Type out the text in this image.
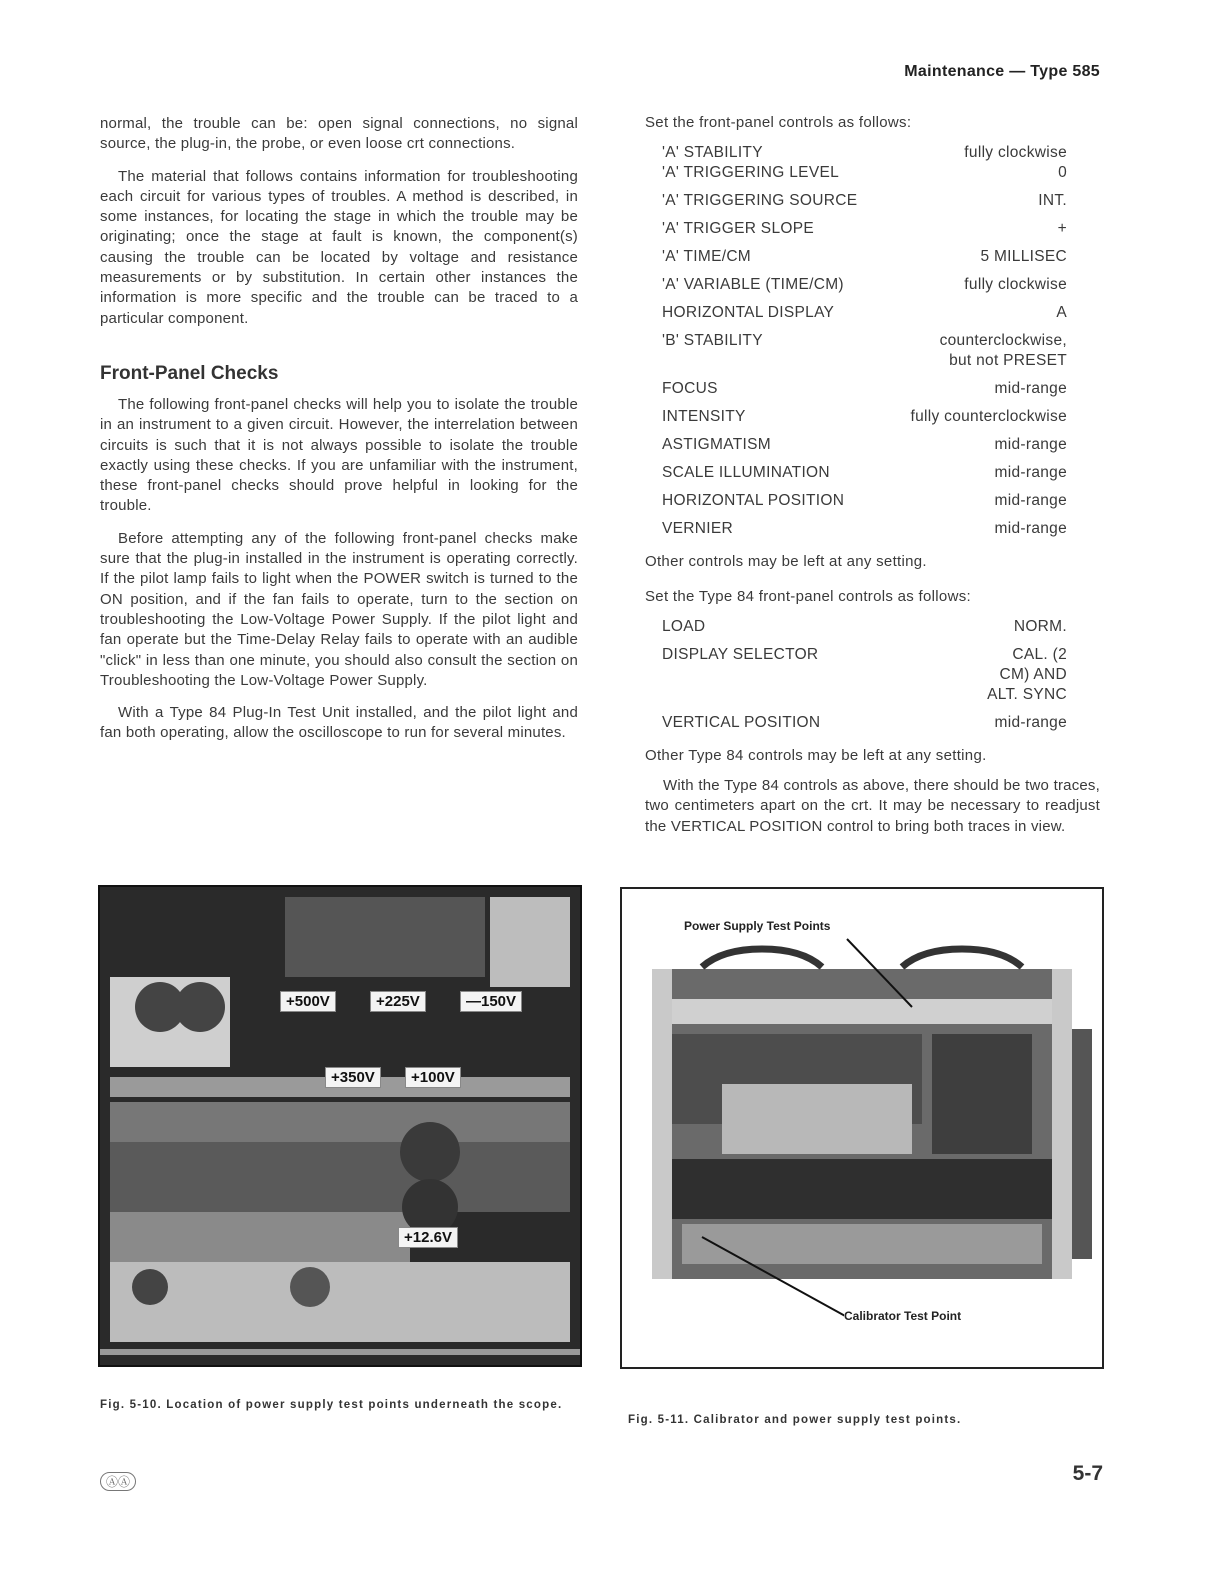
Maintenance — Type 585

normal, the trouble can be: open signal connections, no signal source, the plug-in, the probe, or even loose crt connections.

The material that follows contains information for troubleshooting each circuit for various types of troubles. A method is described, in some instances, for locating the stage in which the trouble may be originating; once the stage at fault is known, the component(s) causing the trouble can be located by voltage and resistance measurements or by substitution. In certain other instances the information is more specific and the trouble can be traced to a particular component.

Front-Panel Checks

The following front-panel checks will help you to isolate the trouble in an instrument to a given circuit. However, the interrelation between circuits is such that it is not always possible to isolate the trouble exactly using these checks. If you are unfamiliar with the instrument, these front-panel checks should prove helpful in looking for the trouble.

Before attempting any of the following front-panel checks make sure that the plug-in installed in the instrument is operating correctly. If the pilot lamp fails to light when the POWER switch is turned to the ON position, and if the fan fails to operate, turn to the section on troubleshooting the Low-Voltage Power Supply. If the pilot light and fan operate but the Time-Delay Relay fails to operate with an audible "click" in less than one minute, you should also consult the section on Troubleshooting the Low-Voltage Power Supply.

With a Type 84 Plug-In Test Unit installed, and the pilot light and fan both operating, allow the oscilloscope to run for several minutes.

Set the front-panel controls as follows:
'A' STABILITY	fully clockwise
'A' TRIGGERING LEVEL	0
'A' TRIGGERING SOURCE	INT.
'A' TRIGGER SLOPE	+
'A' TIME/CM	5 MILLISEC
'A' VARIABLE (TIME/CM)	fully clockwise
HORIZONTAL DISPLAY	A
'B' STABILITY	counterclockwise, but not PRESET
FOCUS	mid-range
INTENSITY	fully counterclockwise
ASTIGMATISM	mid-range
SCALE ILLUMINATION	mid-range
HORIZONTAL POSITION	mid-range
VERNIER	mid-range
Other controls may be left at any setting.
Set the Type 84 front-panel controls as follows:
LOAD	NORM.
DISPLAY SELECTOR	CAL. (2 CM) AND ALT. SYNC
VERTICAL POSITION	mid-range
Other Type 84 controls may be left at any setting.

With the Type 84 controls as above, there should be two traces, two centimeters apart on the crt. It may be necessary to readjust the VERTICAL POSITION control to bring both traces in view.

+500V	+225V	—150V
+350V	+100V
+12.6V
Power Supply Test Points
Calibrator Test Point
Fig. 5-10. Location of power supply test points underneath the scope.
Fig. 5-11. Calibrator and power supply test points.
ⒶⒶ	5-7
